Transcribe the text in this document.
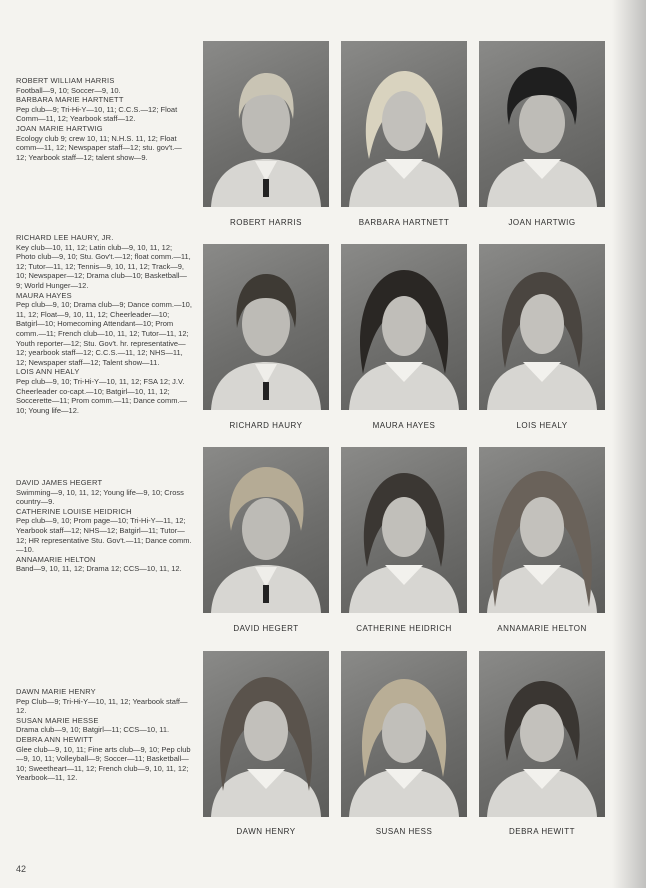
ROBERT WILLIAM HARRIS
Football—9, 10; Soccer—9, 10.
BARBARA MARIE HARTNETT
Pep club—9; Tri-Hi-Y—10, 11; C.C.S.—12; Float Comm—11, 12; Yearbook staff—12.
JOAN MARIE HARTWIG
Ecology club 9; crew 10, 11; N.H.S. 11, 12; Float comm—11, 12; Newspaper staff—12; stu. gov't.—12; Yearbook staff—12; talent show—9.
RICHARD LEE HAURY, JR.
Key club—10, 11, 12; Latin club—9, 10, 11, 12; Photo club—9, 10; Stu. Gov't.—12; float comm.—11, 12; Tutor—11, 12; Tennis—9, 10, 11, 12; Track—9, 10; Newspaper—12; Drama club—10; Basketball—9; World Hunger—12.
MAURA HAYES
Pep club—9, 10; Drama club—9; Dance comm.—10, 11, 12; Float—9, 10, 11, 12; Cheerleader—10; Batgirl—10; Homecoming Attendant—10; Prom comm.—11; French club—10, 11, 12; Tutor—11, 12; Youth reporter—12; Stu. Gov't. hr. representative—12; yearbook staff—12; C.C.S.—11, 12; NHS—11, 12; Newspaper staff—12; Talent show—11.
LOIS ANN HEALY
Pep club—9, 10; Tri-Hi-Y—10, 11, 12; FSA 12; J.V. Cheerleader co-capt.—10; Batgirl—10, 11, 12; Soccerette—11; Prom comm.—11; Dance comm.—10; Young life—12.
DAVID JAMES HEGERT
Swimming—9, 10, 11, 12; Young life—9, 10; Cross country—9.
CATHERINE LOUISE HEIDRICH
Pep club—9, 10; Prom page—10; Tri-Hi-Y—11, 12; Yearbook staff—12; NHS—12; Batgirl—11; Tutor—12; HR representative Stu. Gov't.—11; Dance comm.—10.
ANNAMARIE HELTON
Band—9, 10, 11, 12; Drama 12; CCS—10, 11, 12.
DAWN MARIE HENRY
Pep Club—9; Tri-Hi-Y—10, 11, 12; Yearbook staff—12.
SUSAN MARIE HESSE
Drama club—9, 10; Batgirl—11; CCS—10, 11.
DEBRA ANN HEWITT
Glee club—9, 10, 11; Fine arts club—9, 10; Pep club—9, 10, 11; Volleyball—9; Soccer—11; Basketball—10; Sweetheart—11, 12; French club—9, 10, 11, 12; Yearbook—11, 12.
ROBERT HARRIS	BARBARA HARTNETT	JOAN HARTWIG
RICHARD HAURY	MAURA HAYES	LOIS HEALY
DAVID HEGERT	CATHERINE HEIDRICH	ANNAMARIE HELTON
DAWN HENRY	SUSAN HESS	DEBRA HEWITT
42
